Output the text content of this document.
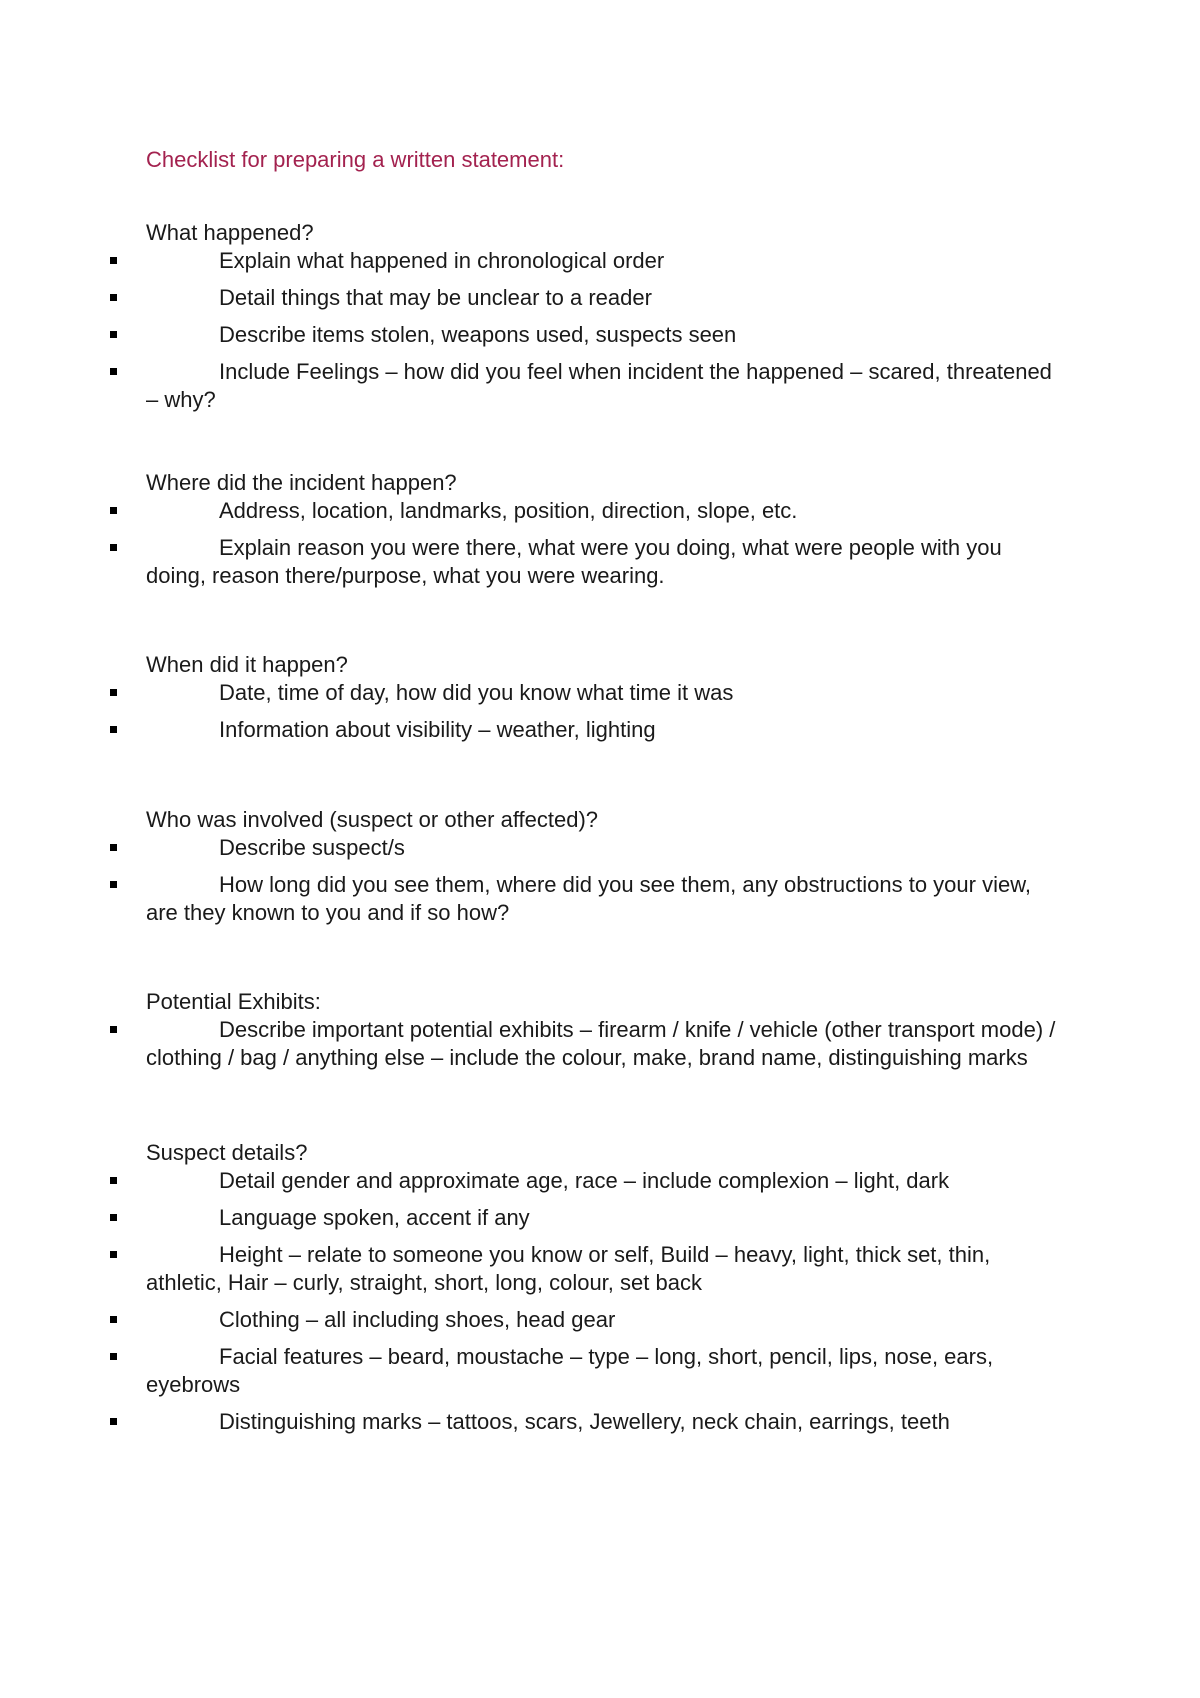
Checklist for preparing a written statement:
What happened?
Explain what happened in chronological order
Detail things that may be unclear to a reader
Describe items stolen, weapons used, suspects seen
Include Feelings – how did you feel when incident the happened – scared, threatened – why?
Where did the incident happen?
Address, location, landmarks, position, direction, slope, etc.
Explain reason you were there, what were you doing, what were people with you doing, reason there/purpose, what you were wearing.
When did it happen?
Date, time of day, how did you know what time it was
Information about visibility – weather, lighting
Who was involved (suspect or other affected)?
Describe suspect/s
How long did you see them, where did you see them, any obstructions to your view, are they known to you and if so how?
Potential Exhibits:
Describe important potential exhibits – firearm / knife / vehicle (other transport mode) / clothing / bag / anything else – include the colour, make, brand name, distinguishing marks
Suspect details?
Detail gender and approximate age, race – include complexion – light, dark
Language spoken, accent if any
Height – relate to someone you know or self, Build – heavy, light, thick set, thin, athletic, Hair – curly, straight, short, long, colour, set back
Clothing – all including shoes, head gear
Facial features – beard, moustache – type – long, short, pencil, lips, nose, ears, eyebrows
Distinguishing marks – tattoos, scars, Jewellery, neck chain, earrings, teeth
